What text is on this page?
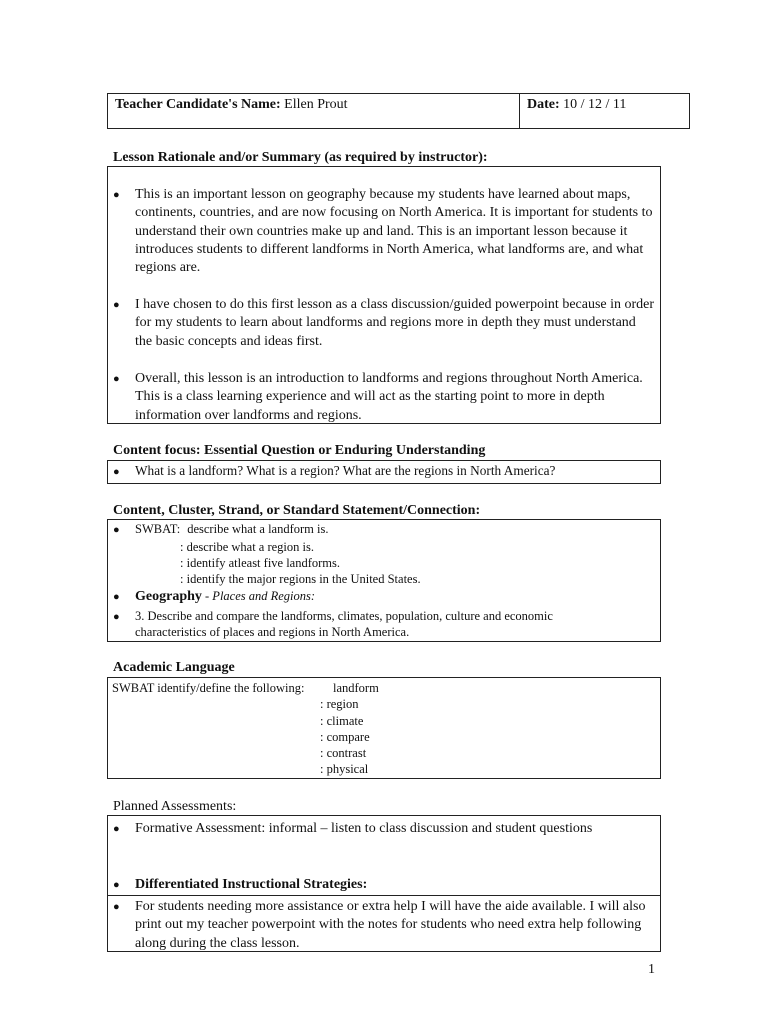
Teacher Candidate's Name: Ellen Prout	Date: 10 / 12 / 11
Lesson Rationale and/or Summary (as required by instructor):
●	This is an important lesson on geography because my students have learned about maps, continents, countries, and are now focusing on North America. It is important for students to understand their own countries make up and land. This is an important lesson because it introduces students to different landforms in North America, what landforms are, and what regions are.
●	I have chosen to do this first lesson as a class discussion/guided powerpoint because in order for my students to learn about landforms and regions more in depth they must understand the basic concepts and ideas first.
●	Overall, this lesson is an introduction to landforms and regions throughout North America. This is a class learning experience and will act as the starting point to more in depth information over landforms and regions.
Content focus: Essential Question or Enduring Understanding
●	What is a landform? What is a region? What are the regions in North America?
Content, Cluster, Strand, or Standard Statement/Connection:
●	SWBAT: describe what a landform is.
: describe what a region is.
: identify atleast five landforms.
: identify the major regions in the United States.
●	Geography - Places and Regions:
●	3. Describe and compare the landforms, climates, population, culture and economic characteristics of places and regions in North America.
Academic Language
SWBAT identify/define the following: landform
: region
: climate
: compare
: contrast
: physical
Planned Assessments:
●	Formative Assessment: informal – listen to class discussion and student questions
●	Differentiated Instructional Strategies:
●	For students needing more assistance or extra help I will have the aide available. I will also print out my teacher powerpoint with the notes for students who need extra help following along during the class lesson.
1
